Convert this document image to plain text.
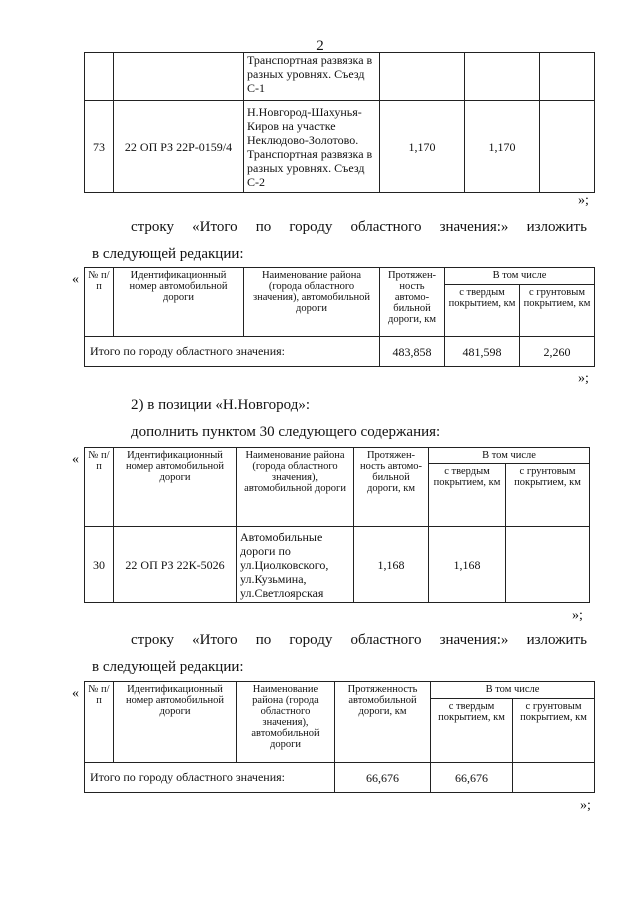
2
		Транспортная развязка в разных уровнях. Съезд С-1			
73	22 ОП РЗ 22Р-0159/4	Н.Новгород-Шахунья-Киров на участке Неклюдово-Золотово. Транспортная развязка в разных уровнях. Съезд С-2	1,170	1,170	
»;
строку «Итого по городу областного значения:» изложить
в следующей редакции:
« № п/п	Идентификационный номер автомобильной дороги	Наименование района (города областного значения), автомобильной дороги	Протяжен- ность автомо- бильной дороги, км	В том числе	
				с твердым покрытием, км	с грунтовым покрытием, км
Итого по городу областного значения:			483,858	481,598	2,260
»;
2) в позиции «Н.Новгород»:
дополнить пунктом 30 следующего содержания:
« № п/п	Идентификационный номер автомобильной дороги	Наименование района (города областного значения), автомобильной дороги	Протяжен- ность автомо- бильной дороги, км	В том числе	
				с твердым покрытием, км	с грунтовым покрытием, км
30	22 ОП РЗ 22К-5026	Автомобильные дороги по ул.Циолковского, ул.Кузьмина, ул.Светлоярская	1,168	1,168	
»;
строку «Итого по городу областного значения:» изложить
в следующей редакции:
« № п/п	Идентификационный номер автомобильной дороги	Наименование района (города областного значения), автомобильной дороги	Протяженность автомобильной дороги, км	В том числе	
				с твердым покрытием, км	с грунтовым покрытием, км
Итого по городу областного значения:			66,676	66,676	
»;
